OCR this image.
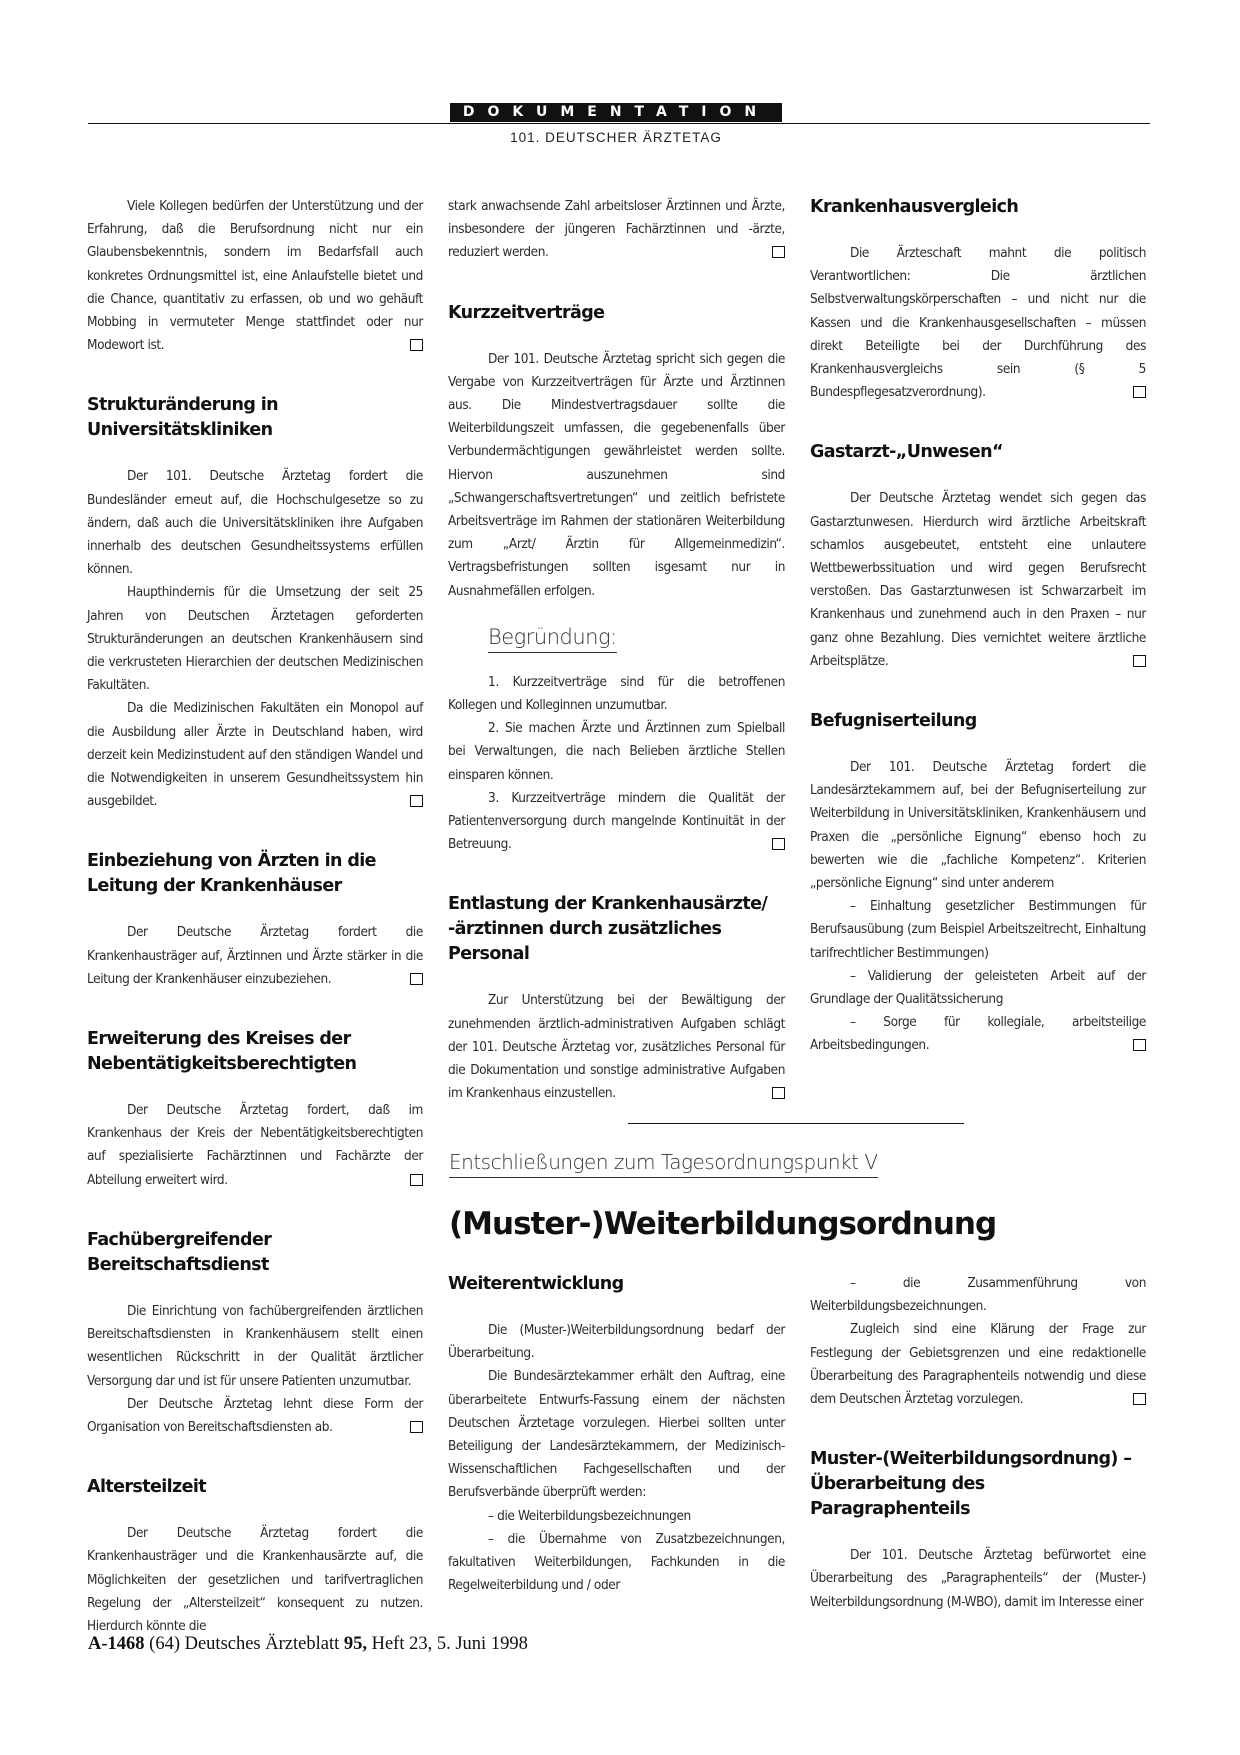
DOKUMENTATION
101. DEUTSCHER ÄRZTETAG

Viele Kollegen bedürfen der Unterstützung und der Erfahrung, daß die Berufsordnung nicht nur ein Glaubensbekenntnis, sondern im Bedarfsfall auch konkretes Ordnungsmittel ist, eine Anlaufstelle bietet und die Chance, quantitativ zu erfassen, ob und wo gehäuft Mobbing in vermuteter Menge stattfindet oder nur Modewort ist.

Strukturänderung in
Universitätskliniken

Der 101. Deutsche Ärztetag fordert die Bundesländer erneut auf, die Hochschulgesetze so zu ändern, daß auch die Universitätskliniken ihre Aufgaben innerhalb des deutschen Gesundheitssystems erfüllen können.

Haupthindernis für die Umsetzung der seit 25 Jahren von Deutschen Ärztetagen geforderten Strukturänderungen an deutschen Krankenhäusern sind die verkrusteten Hierarchien der deutschen Medizinischen Fakultäten.

Da die Medizinischen Fakultäten ein Monopol auf die Ausbildung aller Ärzte in Deutschland haben, wird derzeit kein Medizinstudent auf den ständigen Wandel und die Notwendigkeiten in unserem Gesundheitssystem hin ausgebildet.

Einbeziehung von Ärzten in die
Leitung der Krankenhäuser

Der Deutsche Ärztetag fordert die Krankenhausträger auf, Ärztinnen und Ärzte stärker in die Leitung der Krankenhäuser einzubeziehen.

Erweiterung des Kreises der
Nebentätigkeitsberechtigten

Der Deutsche Ärztetag fordert, daß im Krankenhaus der Kreis der Nebentätigkeitsberechtigten auf spezialisierte Fachärztinnen und Fachärzte der Abteilung erweitert wird.

Fachübergreifender
Bereitschaftsdienst

Die Einrichtung von fachübergreifenden ärztlichen Bereitschaftsdiensten in Krankenhäusern stellt einen wesentlichen Rückschritt in der Qualität ärztlicher Versorgung dar und ist für unsere Patienten unzumutbar.

Der Deutsche Ärztetag lehnt diese Form der Organisation von Bereitschaftsdiensten ab.

Altersteilzeit

Der Deutsche Ärztetag fordert die Krankenhausträger und die Krankenhausärzte auf, die Möglichkeiten der gesetzlichen und tarifvertraglichen Regelung der „Altersteilzeit“ konsequent zu nutzen. Hierdurch könnte die

stark anwachsende Zahl arbeitsloser Ärztinnen und Ärzte, insbesondere der jüngeren Fachärztinnen und -ärzte, reduziert werden.

Kurzzeitverträge

Der 101. Deutsche Ärztetag spricht sich gegen die Vergabe von Kurzzeitverträgen für Ärzte und Ärztinnen aus. Die Mindestvertragsdauer sollte die Weiterbildungszeit umfassen, die gegebenenfalls über Verbundermächtigungen gewährleistet werden sollte. Hiervon auszunehmen sind „Schwangerschaftsvertretungen“ und zeitlich befristete Arbeitsverträge im Rahmen der stationären Weiterbildung zum „Arzt/ Ärztin für Allgemeinmedizin“. Vertragsbefristungen sollten isgesamt nur in Ausnahmefällen erfolgen.

Begründung:

1. Kurzzeitverträge sind für die betroffenen Kollegen und Kolleginnen unzumutbar.

2. Sie machen Ärzte und Ärztinnen zum Spielball bei Verwaltungen, die nach Belieben ärztliche Stellen einsparen können.

3. Kurzzeitverträge mindern die Qualität der Patientenversorgung durch mangelnde Kontinuität in der Betreuung.

Entlastung der Krankenhausärzte/
-ärztinnen durch zusätzliches Personal

Zur Unterstützung bei der Bewältigung der zunehmenden ärztlich-administrativen Aufgaben schlägt der 101. Deutsche Ärztetag vor, zusätzliches Personal für die Dokumentation und sonstige administrative Aufgaben im Krankenhaus einzustellen.

Krankenhausvergleich

Die Ärzteschaft mahnt die politisch Verantwortlichen: Die ärztlichen Selbstverwaltungskörperschaften – und nicht nur die Kassen und die Krankenhausgesellschaften – müssen direkt Beteiligte bei der Durchführung des Krankenhausvergleichs sein (§ 5 Bundespflegesatzverordnung).

Gastarzt-„Unwesen“

Der Deutsche Ärztetag wendet sich gegen das Gastarztunwesen. Hierdurch wird ärztliche Arbeitskraft schamlos ausgebeutet, entsteht eine unlautere Wettbewerbssituation und wird gegen Berufsrecht verstoßen. Das Gastarztunwesen ist Schwarzarbeit im Krankenhaus und zunehmend auch in den Praxen – nur ganz ohne Bezahlung. Dies vernichtet weitere ärztliche Arbeitsplätze.

Befugniserteilung

Der 101. Deutsche Ärztetag fordert die Landesärztekammern auf, bei der Befugniserteilung zur Weiterbildung in Universitätskliniken, Krankenhäusern und Praxen die „persönliche Eignung“ ebenso hoch zu bewerten wie die „fachliche Kompetenz“. Kriterien „persönliche Eignung“ sind unter anderem

– Einhaltung gesetzlicher Bestimmungen für Berufsausübung (zum Beispiel Arbeitszeitrecht, Einhaltung tarifrechtlicher Bestimmungen)

– Validierung der geleisteten Arbeit auf der Grundlage der Qualitätssicherung

– Sorge für kollegiale, arbeitsteilige Arbeitsbedingungen.

Entschließungen zum Tagesordnungspunkt V
(Muster-)Weiterbildungsordnung
Weiterentwicklung

Die (Muster-)Weiterbildungsordnung bedarf der Überarbeitung.

Die Bundesärztekammer erhält den Auftrag, eine überarbeitete Entwurfs-Fassung einem der nächsten Deutschen Ärztetage vorzulegen. Hierbei sollten unter Beteiligung der Landesärztekammern, der Medizinisch-Wissenschaftlichen Fachgesellschaften und der Berufsverbände überprüft werden:

– die Weiterbildungsbezeichnungen

– die Übernahme von Zusatzbezeichnungen, fakultativen Weiterbildungen, Fachkunden in die Regelweiterbildung und / oder

– die Zusammenführung von Weiterbildungsbezeichnungen.

Zugleich sind eine Klärung der Frage zur Festlegung der Gebietsgrenzen und eine redaktionelle Überarbeitung des Paragraphenteils notwendig und diese dem Deutschen Ärztetag vorzulegen.

Muster-(Weiterbildungsordnung) –
Überarbeitung des Paragraphenteils

Der 101. Deutsche Ärztetag befürwortet eine Überarbeitung des „Paragraphenteils“ der (Muster-) Weiterbildungsordnung (M-WBO), damit im Interesse einer

A-1468 (64) Deutsches Ärzteblatt 95, Heft 23, 5. Juni 1998
